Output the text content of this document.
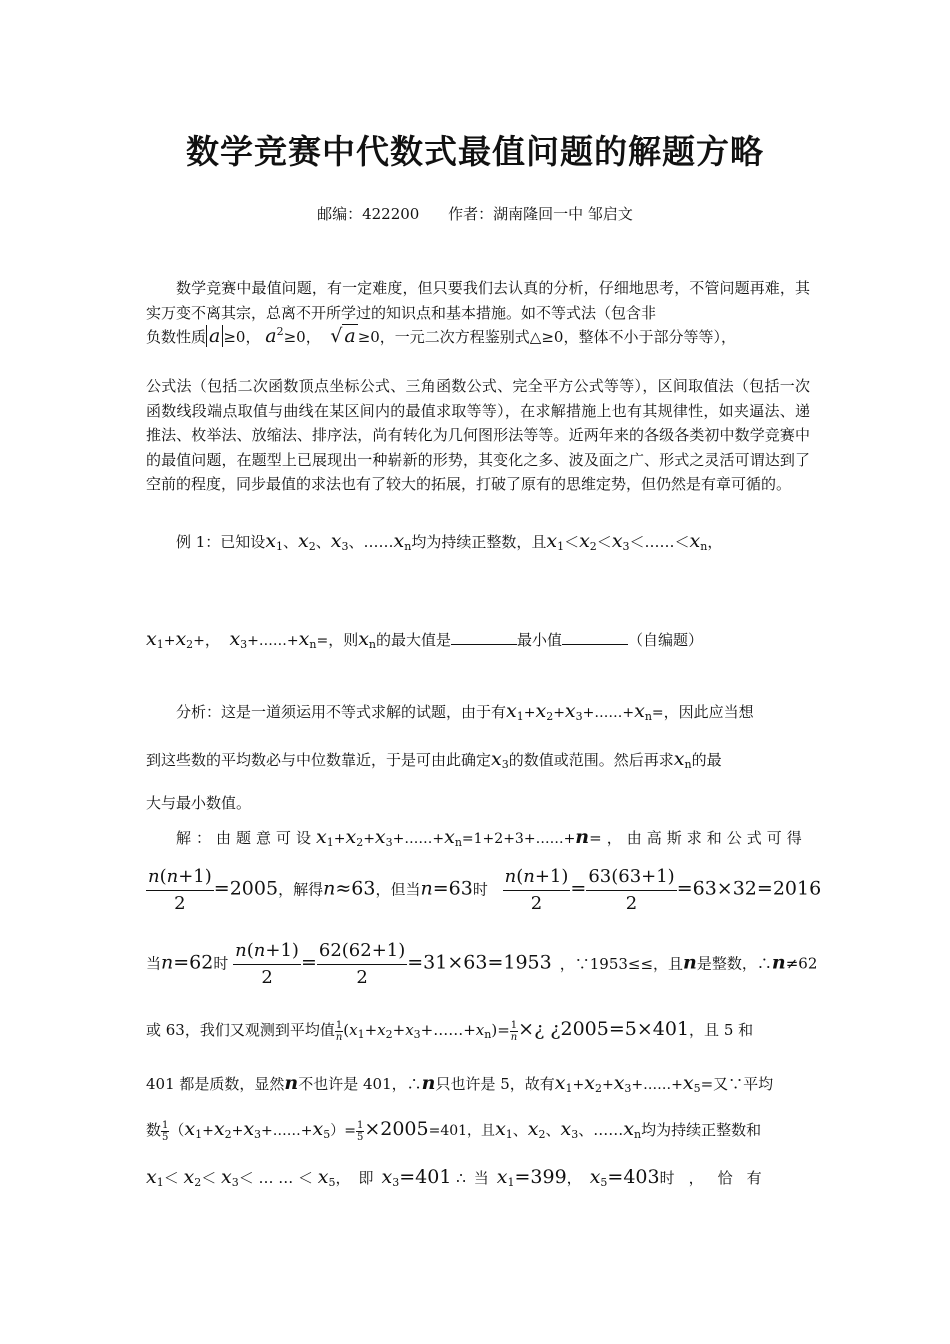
数学竞赛中代数式最值问题的解题方略
邮编：422200 作者：湖南隆回一中 邹启文
数学竞赛中最值问题，有一定难度，但只要我们去认真的分析，仔细地思考，不管问题再难，其实万变不离其宗，总离不开所学过的知识点和基本措施。如不等式法（包含非
负数性质 a ≥0， $a^2\ge 0$， √ a ≥0，一元二次方程鉴别式△≥0，整体不小于部分等等），
公式法（包括二次函数顶点坐标公式、三角函数公式、完全平方公式等等），区间取值法（包括一次函数线段端点取值与曲线在某区间内的最值求取等等），在求解措施上也有其规律性，如夹逼法、递推法、枚举法、放缩法、排序法，尚有转化为几何图形法等等。近两年来的各级各类初中数学竞赛中的最值问题，在题型上已展现出一种崭新的形势，其变化之多、波及面之广、形式之灵活可谓达到了空前的程度，同步最值的求法也有了较大的拓展，打破了原有的思维定势，但仍然是有章可循的。
例 1：已知设$x_1$、$x_2$、$x_3$、$\dots\dots x_n$均为持续正整数，且$x_1<x_2<x_3<\dots\dots<x_n$，
$x_1+x_2+$，  $x_3+\dots\dots+x_n=$，则$x_n$的最大值是	最小值	（自编题）
分析：这是一道须运用不等式求解的试题，由于有$x_1+x_2+x_3+\dots\dots+x_n=$，因此应当想
到这些数的平均数必与中位数靠近，于是可由此确定$x_3$的数值或范围。然后再求$x_n$的最
大与最小数值。
解：由题意可设$x_1+x_2+x_3+\dots\dots+x_n=1+2+3+\dots\dots+n=$，由高斯求和公式可得
$\frac{n(n+1)}{2} =2005$，解得n≈63，但当n=63时 $\frac{n(n+1)}{2} = \frac{63(63+1)}{2} =63\times 32=2016$
当n=62时 $\frac{n(n+1)}{2} = \frac{62(62+1)}{2} =31\times 63=1953$ ，∵1953≤≤，且n是整数，∴n≠62
或 63，我们又观测到平均值 $\frac{1}{n}$ $(x_1+x_2+x_3+\dots\dots+x_n)= \frac{1}{n}$ ×¿ ¿2005=5×401，且 5 和
401 都是质数，显然n不也许是 401，∴n只也许是 5，故有$x_1+x_2+x_3+\dots\dots+x_5=$又∵平均
数 $\frac{1}{5}$ $(x_1+x_2+x_3+\dots\dots+x_5)= \frac{1}{5} \times 2005=401$，且$x_1$、$x_2$、$x_3$、$\dots\dots x_n$均为持续正整数和
$x_1< x_2< x_3<$ … … ＜ $x_5$，即$x_3=401$ ∴当$x_1=399$，$x_5=403$时，恰有
